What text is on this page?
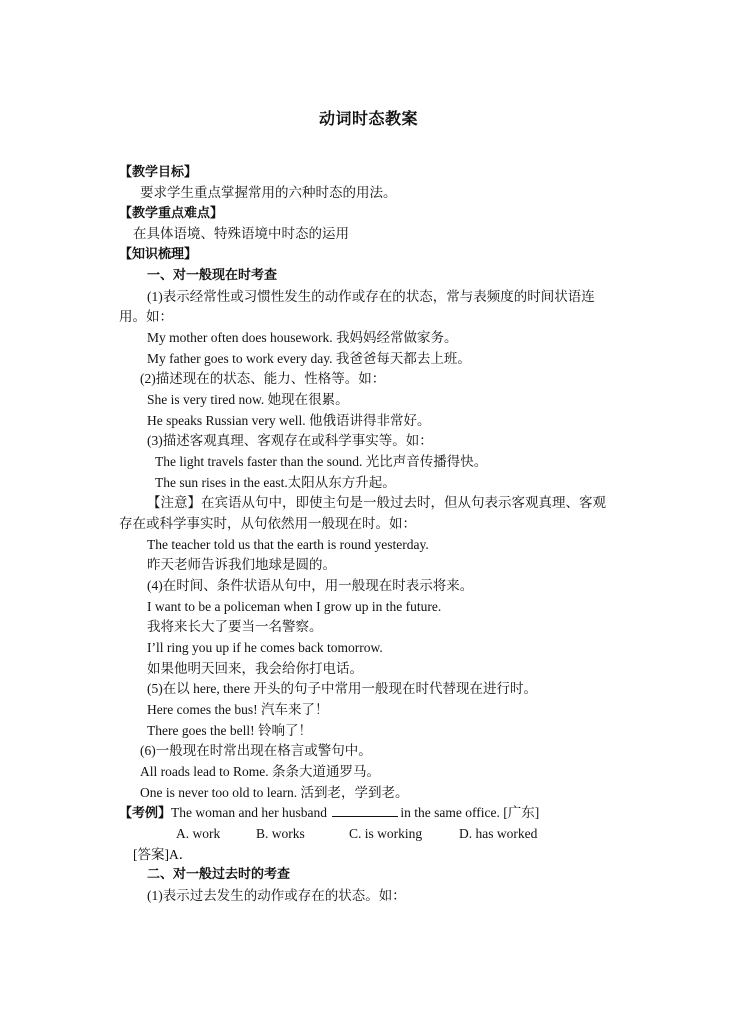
动词时态教案
【教学目标】
要求学生重点掌握常用的六种时态的用法。
【教学重点难点】
在具体语境、特殊语境中时态的运用
【知识梳理】
一、对一般现在时考查
(1)表示经常性或习惯性发生的动作或存在的状态，常与表频度的时间状语连
用。如：
My mother often does housework. 我妈妈经常做家务。
My father goes to work every day. 我爸爸每天都去上班。
(2)描述现在的状态、能力、性格等。如：
She is very tired now. 她现在很累。
He speaks Russian very well. 他俄语讲得非常好。
(3)描述客观真理、客观存在或科学事实等。如：
The light travels faster than the sound. 光比声音传播得快。
The sun rises in the east.太阳从东方升起。
【注意】在宾语从句中，即使主句是一般过去时，但从句表示客观真理、客观
存在或科学事实时，从句依然用一般现在时。如：
The teacher told us that the earth is round yesterday.
昨天老师告诉我们地球是圆的。
(4)在时间、条件状语从句中，用一般现在时表示将来。
I want to be a policeman when I grow up in the future.
我将来长大了要当一名警察。
I’ll ring you up if he comes back tomorrow.
如果他明天回来，我会给你打电话。
(5)在以 here, there 开头的句子中常用一般现在时代替现在进行时。
Here comes the bus! 汽车来了！
There goes the bell! 铃响了！
(6)一般现在时常出现在格言或警句中。
All roads lead to Rome. 条条大道通罗马。
One is never too old to learn. 活到老，学到老。
【考例】The woman and her husband	in the same office. [广东]
A. work	B. works	C. is working	D. has worked
[答案]A．
二、对一般过去时的考查
(1)表示过去发生的动作或存在的状态。如：
